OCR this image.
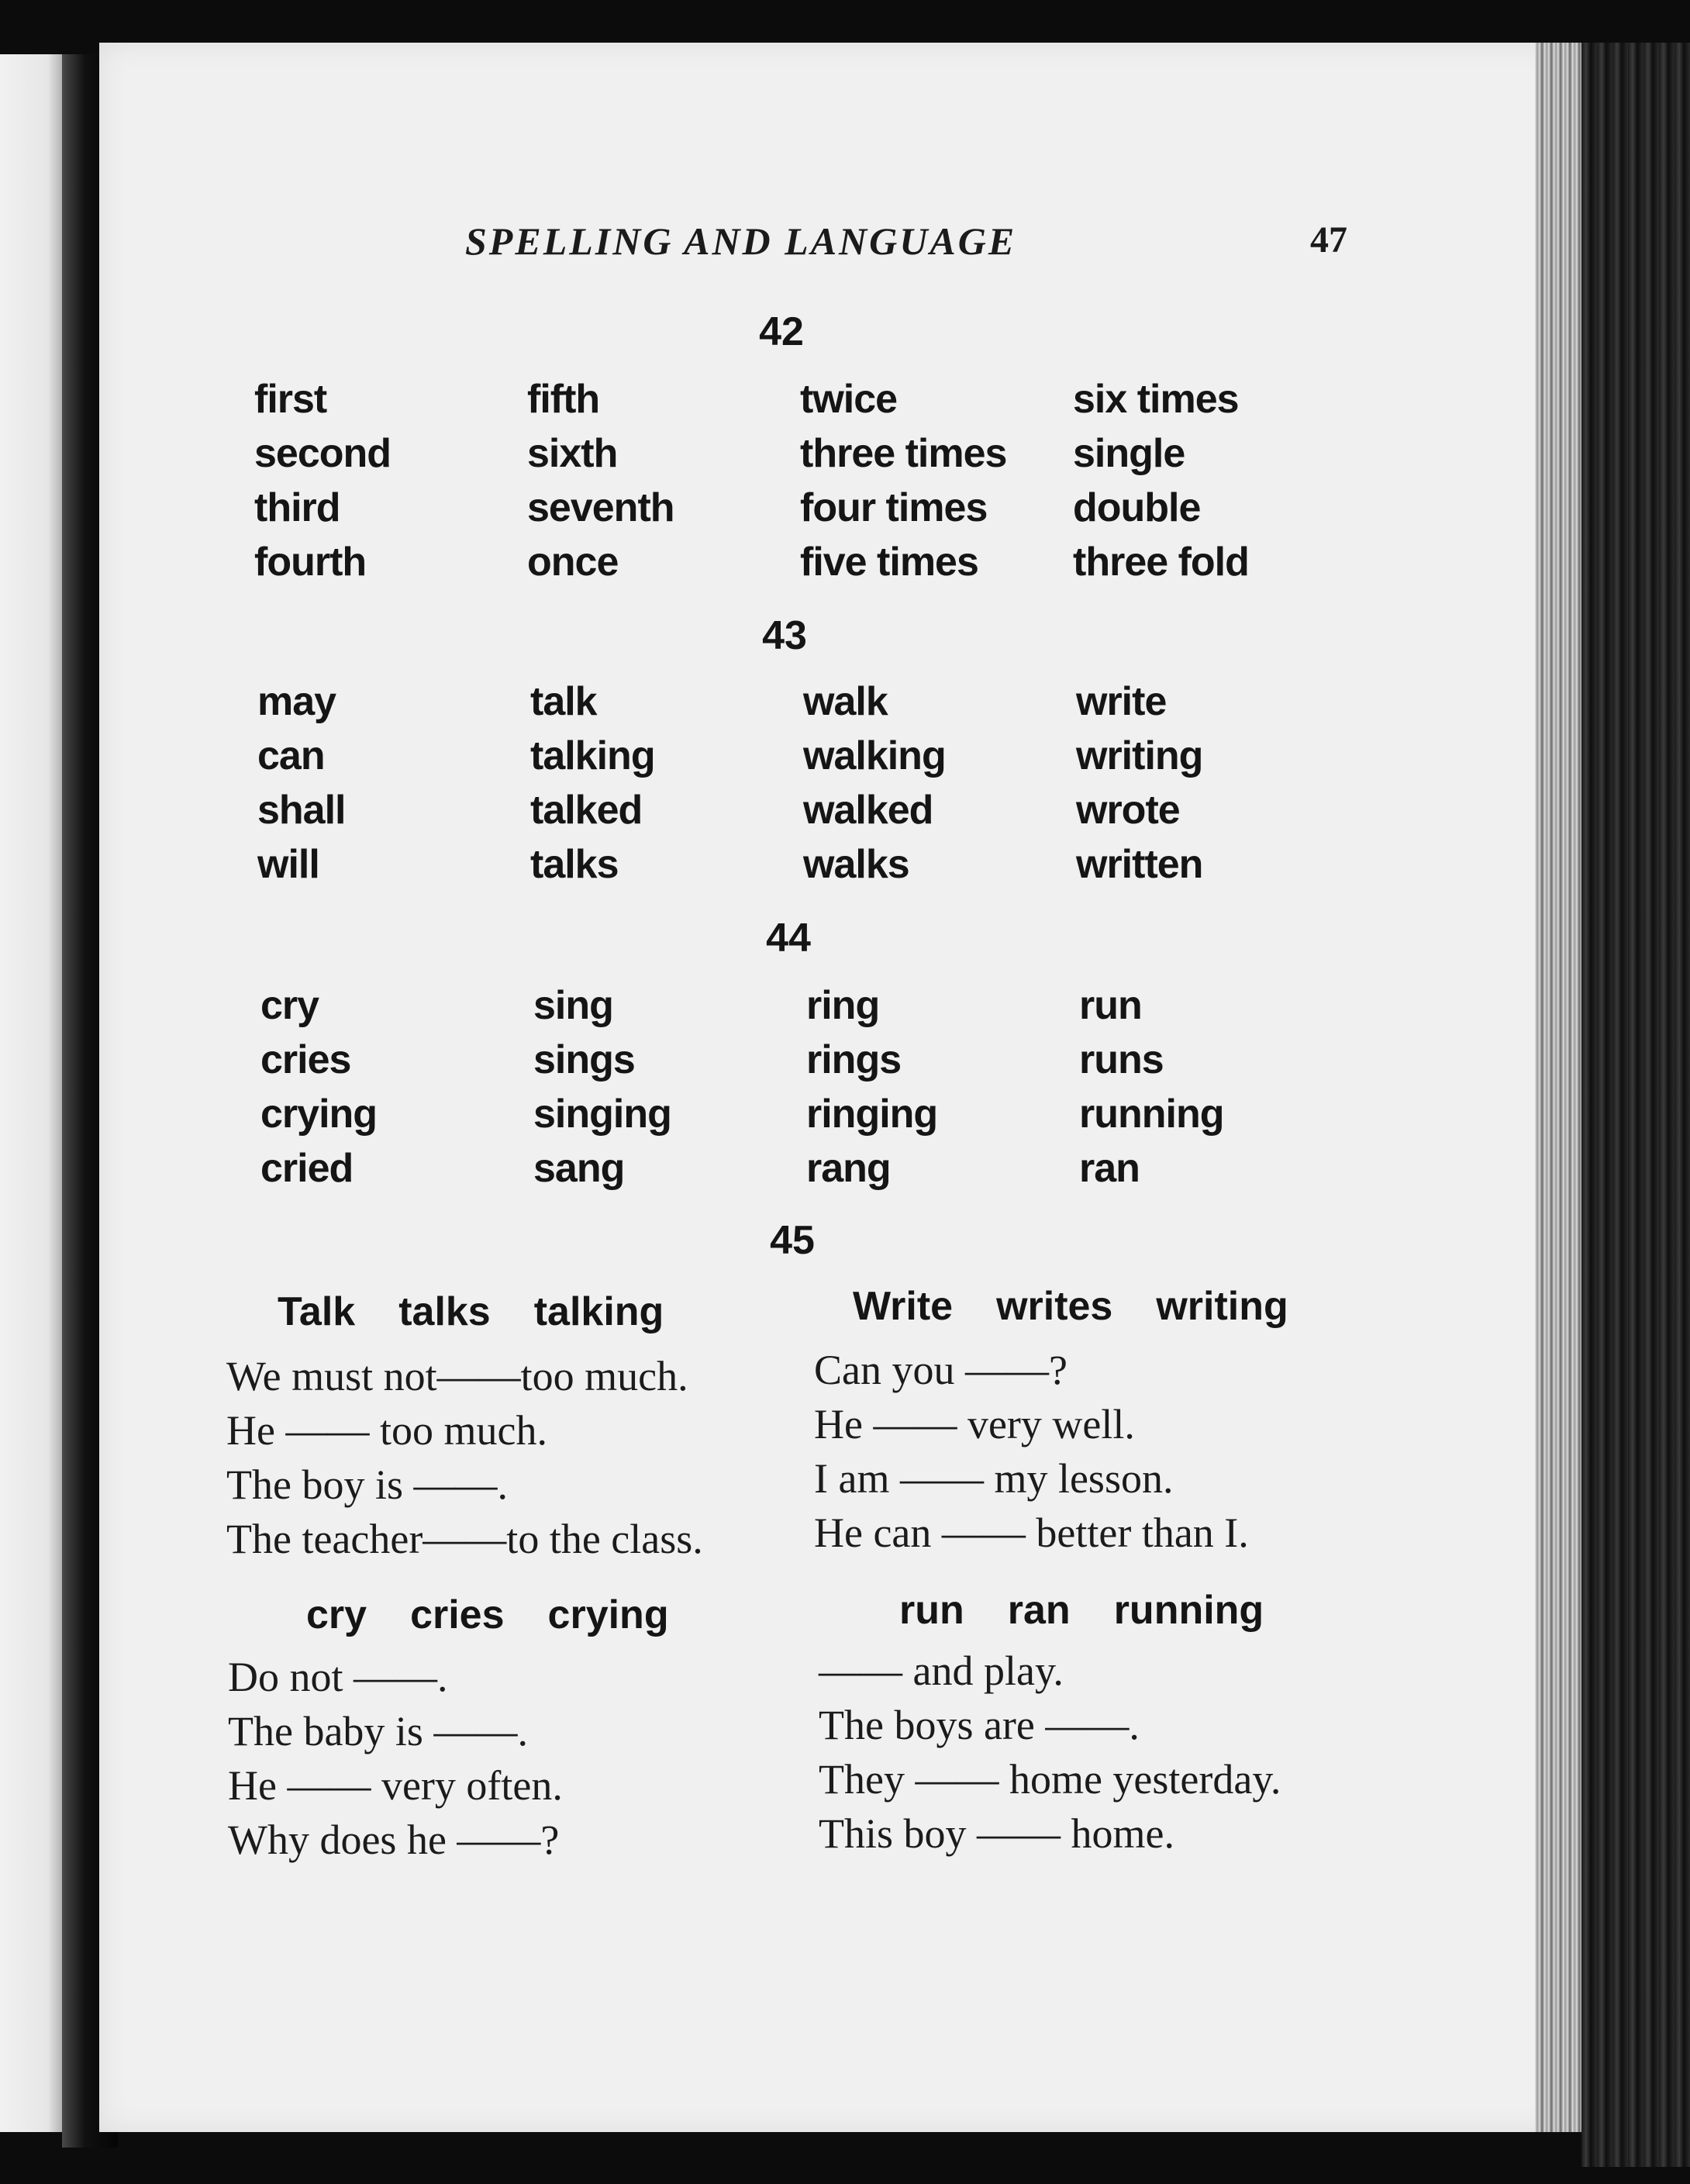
SPELLING AND LANGUAGE	47
42
first
second
third
fourth
fifth
sixth
seventh
once
twice
three times
four times
five times
six times
single
double
three fold
43
may
can
shall
will
talk
talking
talked
talks
walk
walking
walked
walks
write
writing
wrote
written
44
cry
cries
crying
cried
sing
sings
singing
sang
ring
rings
ringing
rang
run
runs
running
ran
45
Talk talks talking
We must not——too much.
He —— too much.
The boy is ——.
The teacher——to the class.
Write writes writing
Can you ——?
He —— very well.
I am —— my lesson.
He can —— better than I.
cry cries crying
Do not ——.
The baby is ——.
He —— very often.
Why does he ——?
run ran running
—— and play.
The boys are ——.
They —— home yesterday.
This boy —— home.
